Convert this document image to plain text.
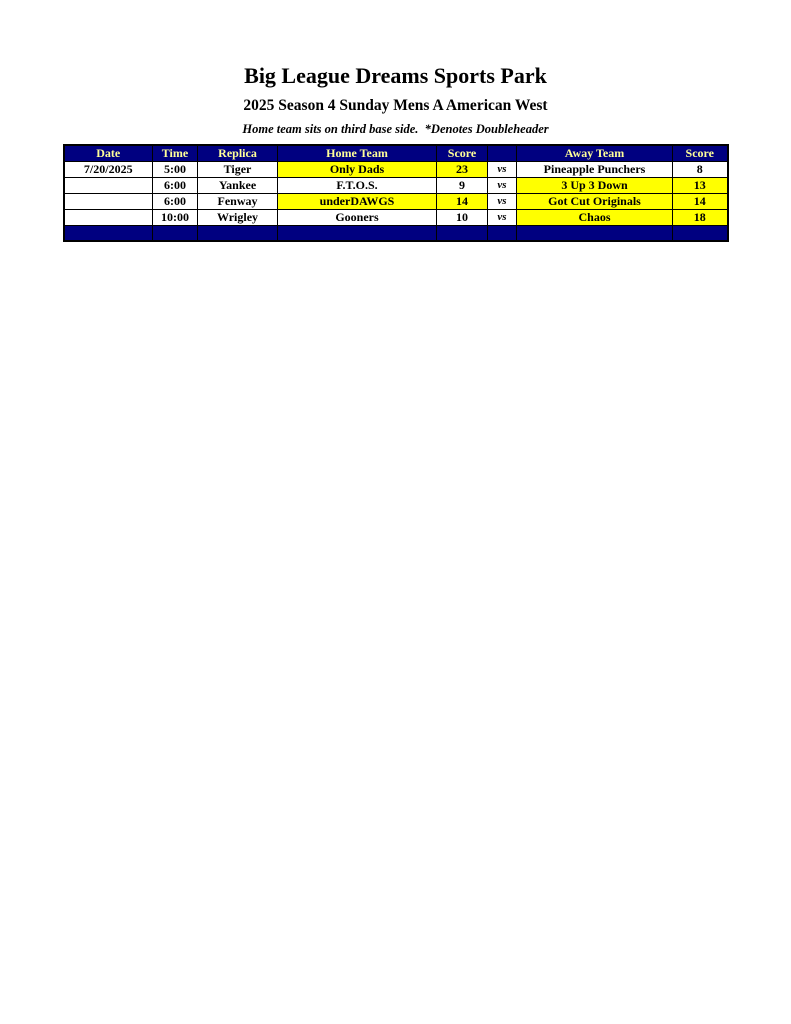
Big League Dreams Sports Park
2025 Season 4 Sunday Mens A American West
Home team sits on third base side.  *Denotes Doubleheader
Date	Time	Replica	Home Team	Score		Away Team	Score
7/20/2025	5:00	Tiger	Only Dads	23	vs	Pineapple Punchers	8
	6:00	Yankee	F.T.O.S.	9	vs	3 Up 3 Down	13
	6:00	Fenway	underDAWGS	14	vs	Got Cut Originals	14
	10:00	Wrigley	Gooners	10	vs	Chaos	18
